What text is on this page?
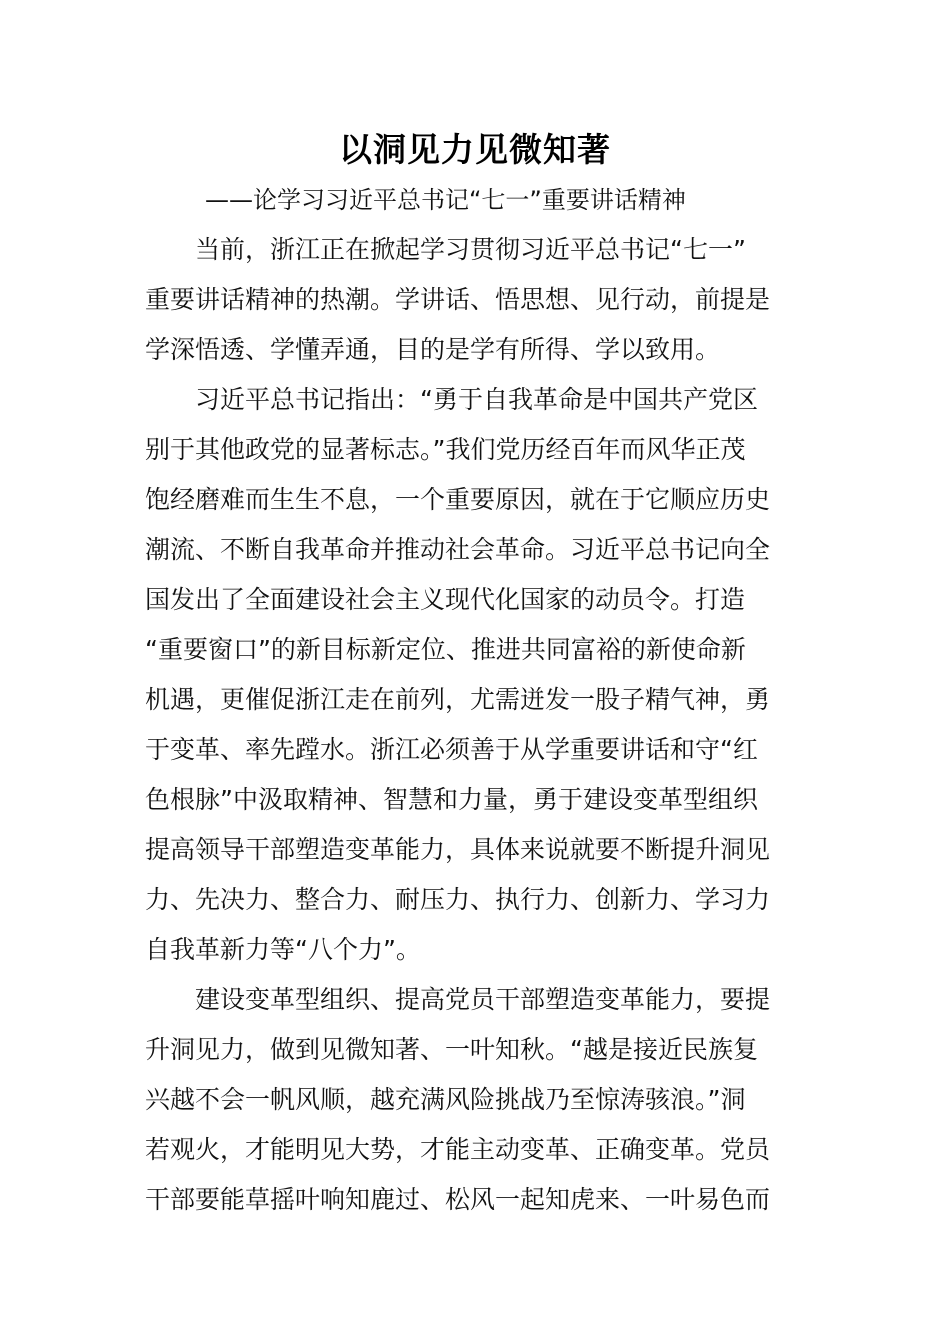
以洞见力见微知著
——论学习习近平总书记“七一”重要讲话精神
当前，浙江正在掀起学习贯彻习近平总书记“七一”
重要讲话精神的热潮。学讲话、悟思想、见行动，前提是
学深悟透、学懂弄通，目的是学有所得、学以致用。
习近平总书记指出：“勇于自我革命是中国共产党区
别于其他政党的显著标志。”我们党历经百年而风华正茂
饱经磨难而生生不息，一个重要原因，就在于它顺应历史
潮流、不断自我革命并推动社会革命。习近平总书记向全
国发出了全面建设社会主义现代化国家的动员令。打造
“重要窗口”的新目标新定位、推进共同富裕的新使命新
机遇，更催促浙江走在前列，尤需迸发一股子精气神，勇
于变革、率先蹚水。浙江必须善于从学重要讲话和守“红
色根脉”中汲取精神、智慧和力量，勇于建设变革型组织
提高领导干部塑造变革能力，具体来说就要不断提升洞见
力、先决力、整合力、耐压力、执行力、创新力、学习力
自我革新力等“八个力”。
建设变革型组织、提高党员干部塑造变革能力，要提
升洞见力，做到见微知著、一叶知秋。“越是接近民族复
兴越不会一帆风顺，越充满风险挑战乃至惊涛骇浪。”洞
若观火，才能明见大势，才能主动变革、正确变革。党员
干部要能草摇叶响知鹿过、松风一起知虎来、一叶易色而
